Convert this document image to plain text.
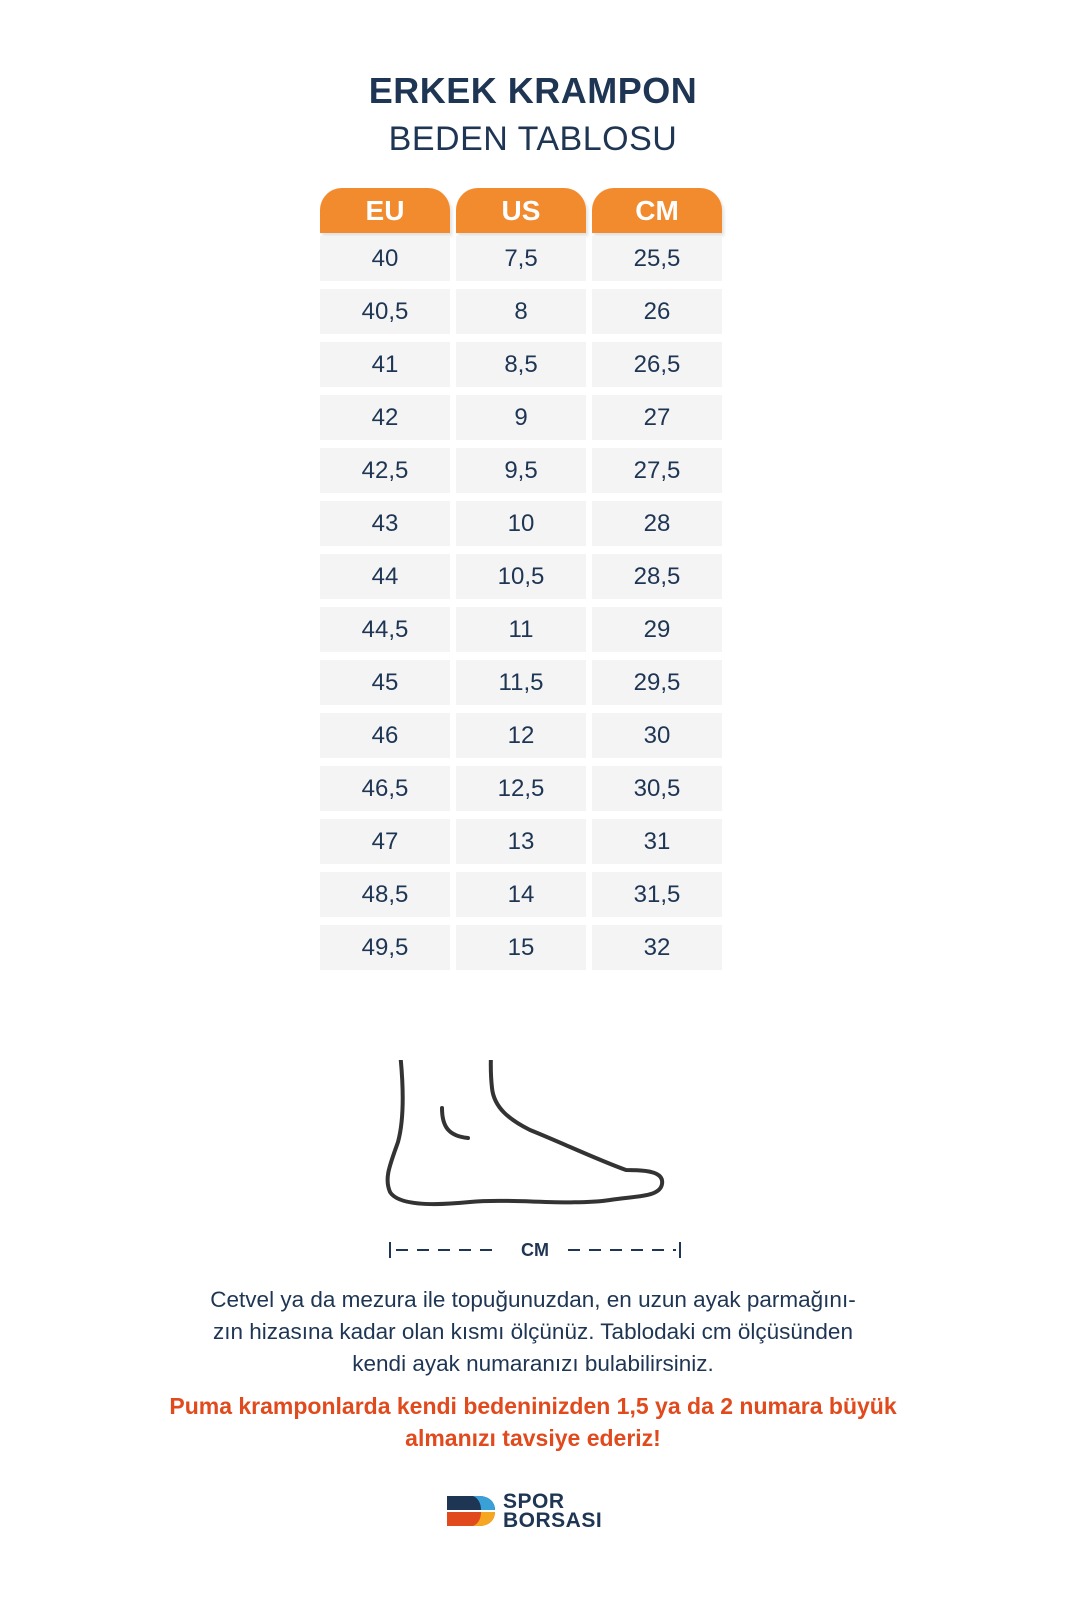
ERKEK KRAMPON
BEDEN TABLOSU
EU	US	CM
40	7,5	25,5
40,5	8	26
41	8,5	26,5
42	9	27
42,5	9,5	27,5
43	10	28
44	10,5	28,5
44,5	11	29
45	11,5	29,5
46	12	30
46,5	12,5	30,5
47	13	31
48,5	14	31,5
49,5	15	32
CM
Cetvel ya da mezura ile topuğunuzdan, en uzun ayak parmağını-
zın hizasına kadar olan kısmı ölçünüz. Tablodaki cm ölçüsünden
kendi ayak numaranızı bulabilirsiniz.
Puma kramponlarda kendi bedeninizden 1,5 ya da 2 numara büyük
almanızı tavsiye ederiz!
SPOR
BORSASI
